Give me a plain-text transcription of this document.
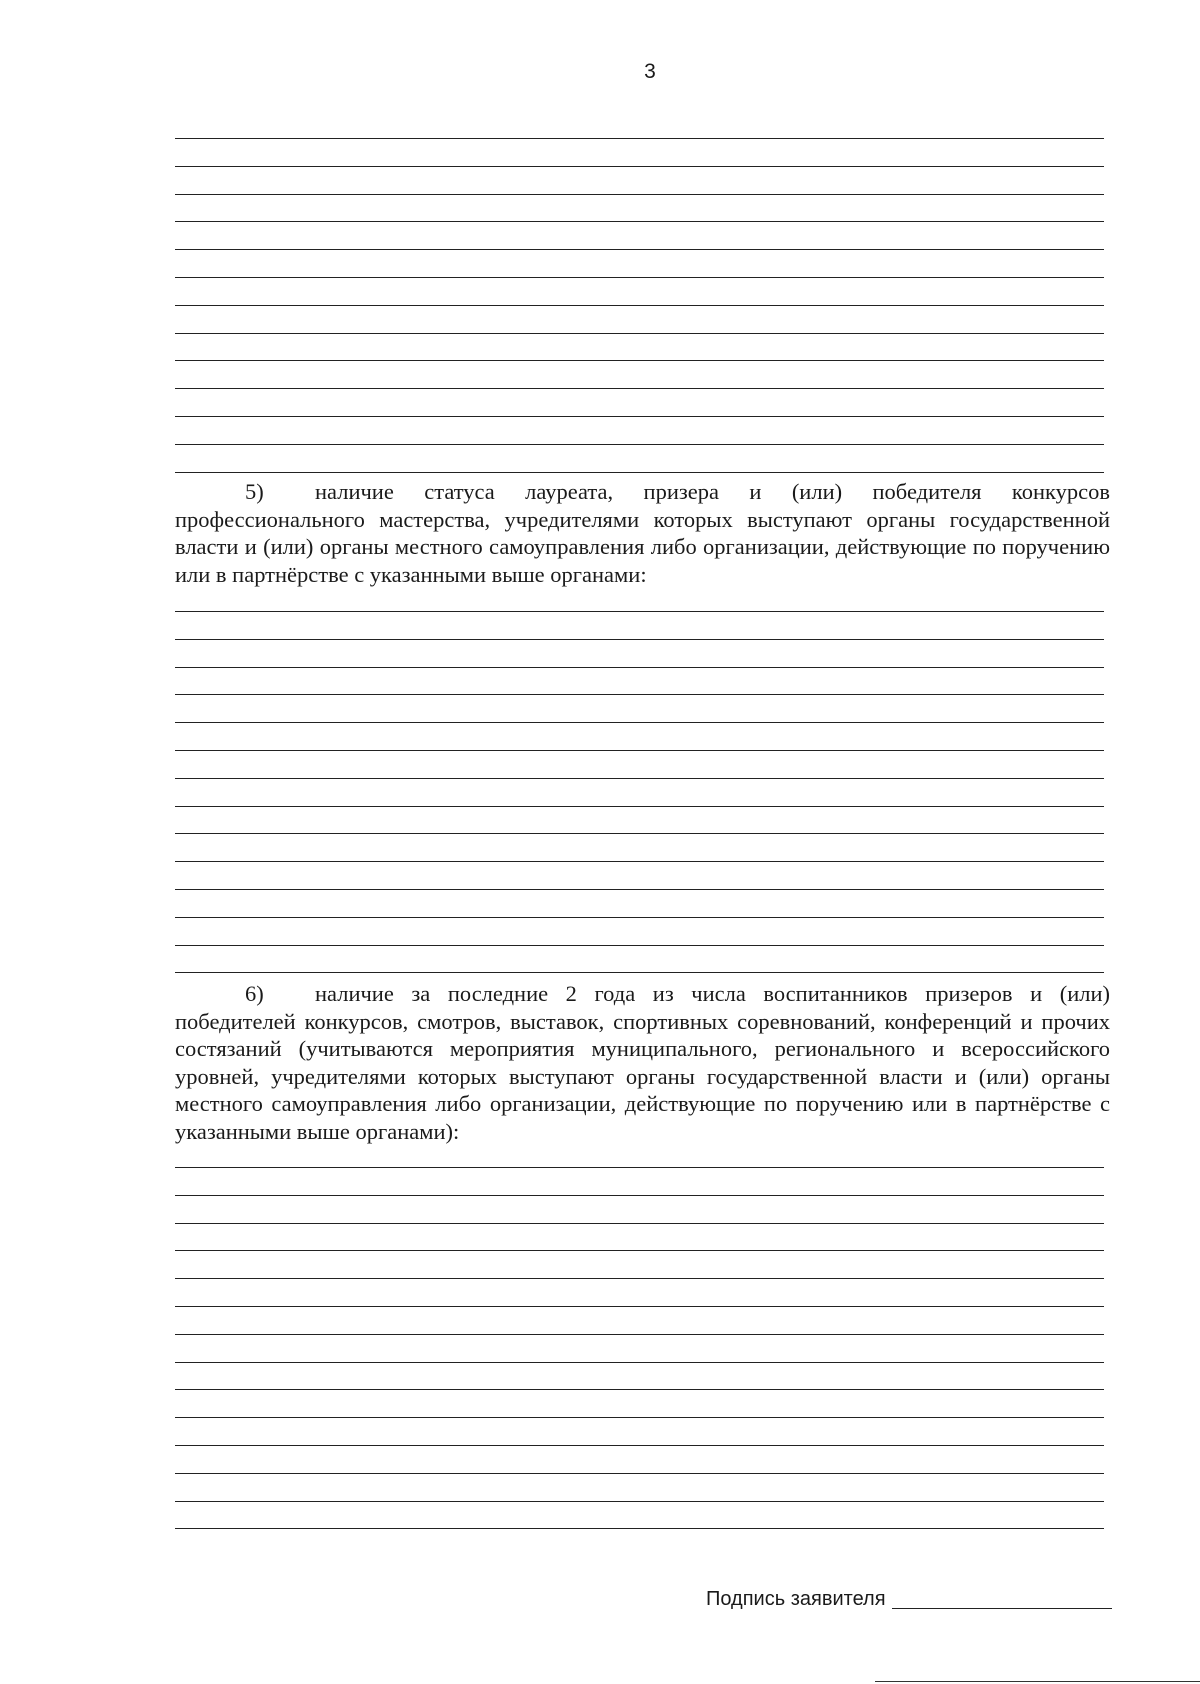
3
5) наличие статуса лауреата, призера и (или) победителя конкурсов профессионального мастерства, учредителями которых выступают органы государственной власти и (или) органы местного самоуправления либо организации, действующие по поручению или в партнёрстве с указанными выше органами:
6) наличие за последние 2 года из числа воспитанников призеров и (или) победителей конкурсов, смотров, выставок, спортивных соревнований, конференций и прочих состязаний (учитываются мероприятия муниципального, регионального и всероссийского уровней, учредителями которых выступают органы государственной власти и (или) органы местного самоуправления либо организации, действующие по поручению или в партнёрстве с указанными выше органами):
Подпись заявителя
